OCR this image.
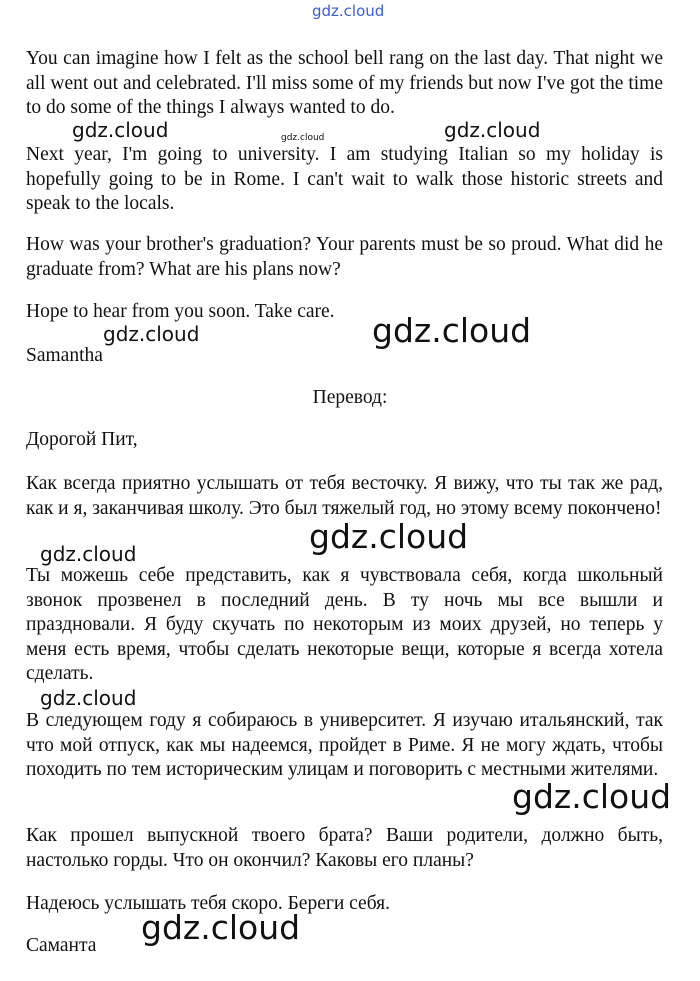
gdz.cloud

You can imagine how I felt as the school bell rang on the last day. That night we all went out and celebrated. I'll miss some of my friends but now I've got the time to do some of the things I always wanted to do.

gdz.cloud	gdz.cloud	gdz.cloud

Next year, I'm going to university. I am studying Italian so my holiday is hopefully going to be in Rome. I can't wait to walk those historic streets and speak to the locals.

How was your brother's graduation? Your parents must be so proud. What did he graduate from? What are his plans now?

Hope to hear from you soon. Take care.

gdz.cloud	gdz.cloud

Samantha

Перевод:

Дорогой Пит,

Как всегда приятно услышать от тебя весточку. Я вижу, что ты так же рад, как и я, заканчивая школу. Это был тяжелый год, но этому всему покончено!

gdz.cloud	gdz.cloud

Ты можешь себе представить, как я чувствовала себя, когда школьный звонок прозвенел в последний день. В ту ночь мы все вышли и праздновали. Я буду скучать по некоторым из моих друзей, но теперь у меня есть время, чтобы сделать некоторые вещи, которые я всегда хотела сделать.

gdz.cloud

В следующем году я собираюсь в университет. Я изучаю итальянский, так что мой отпуск, как мы надеемся, пройдет в Риме. Я не могу ждать, чтобы походить по тем историческим улицам и поговорить с местными жителями.

gdz.cloud

Как прошел выпускной твоего брата? Ваши родители, должно быть, настолько горды. Что он окончил? Каковы его планы?

Надеюсь услышать тебя скоро. Береги себя.

gdz.cloud

Саманта
